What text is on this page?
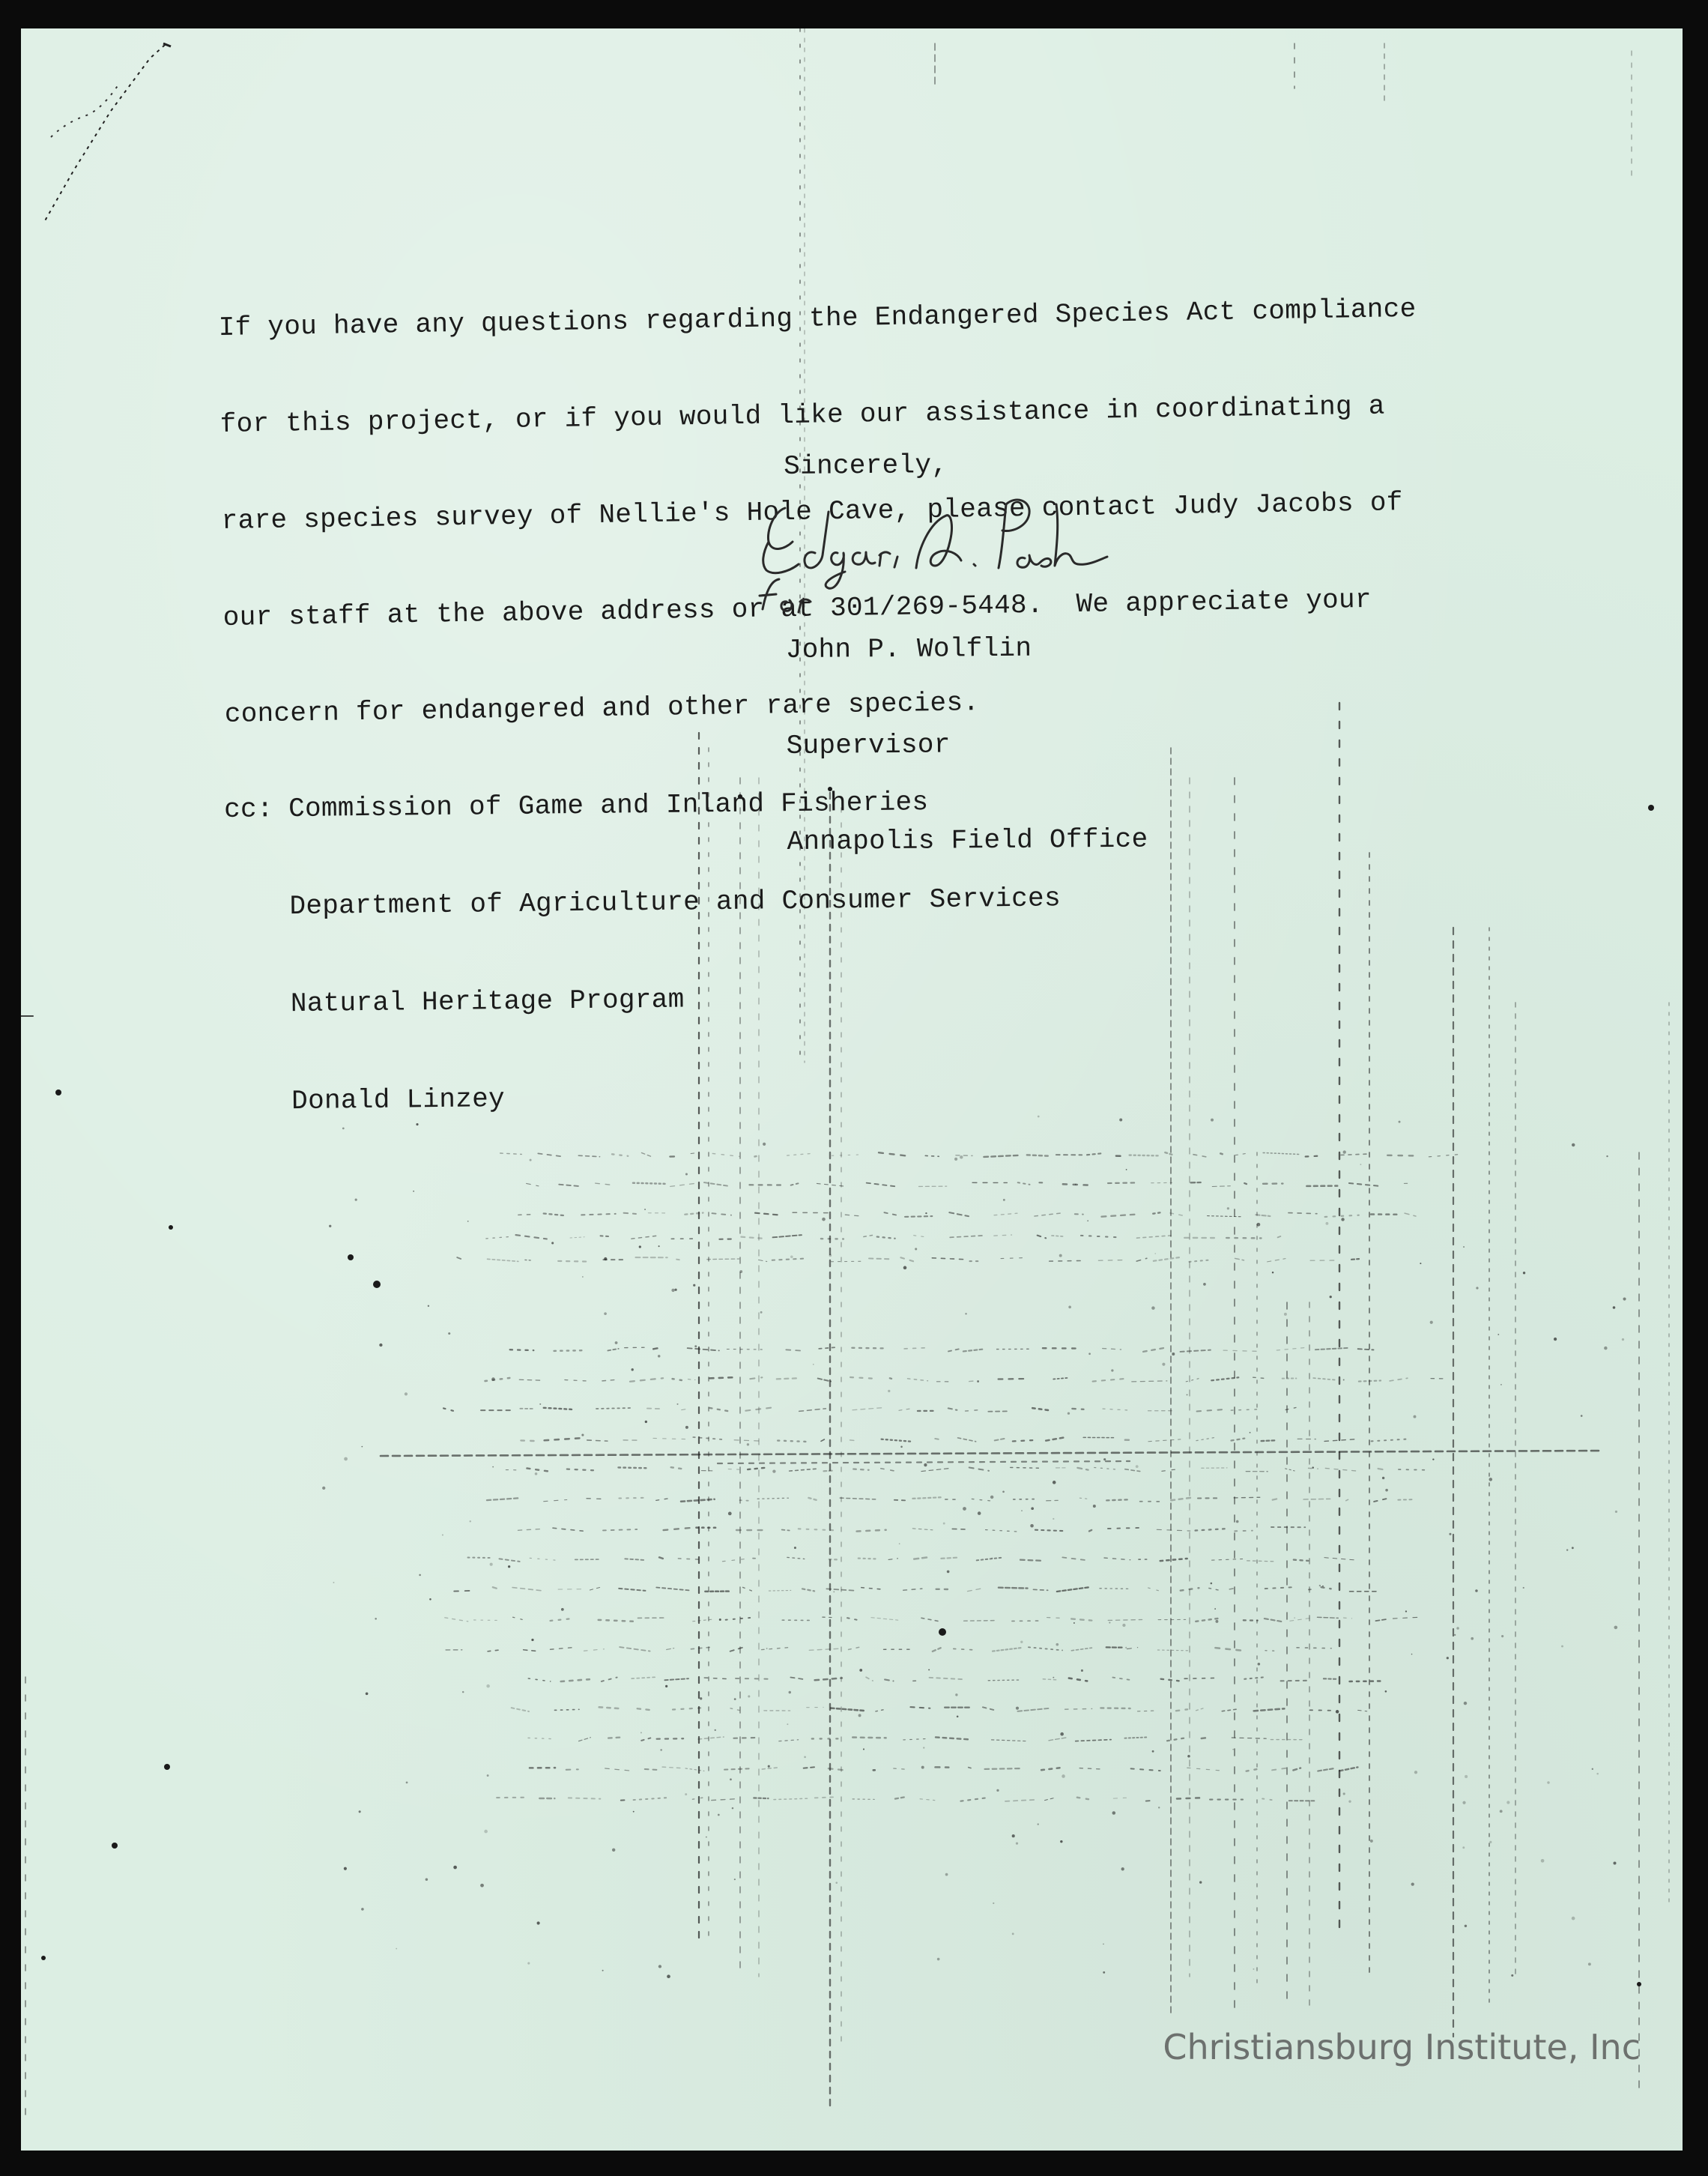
If you have any questions regarding the Endangered Species Act compliance

for this project, or if you would like our assistance in coordinating a

rare species survey of Nellie's Hole Cave, please contact Judy Jacobs of

our staff at the above address or at 301/269-5448.  We appreciate your

concern for endangered and other rare species.

Sincerely,

John P. Wolflin

Supervisor

Annapolis Field Office

cc: Commission of Game and Inland Fisheries

Department of Agriculture and Consumer Services

Natural Heritage Program

Donald Linzey

Christiansburg Institute, Inc
